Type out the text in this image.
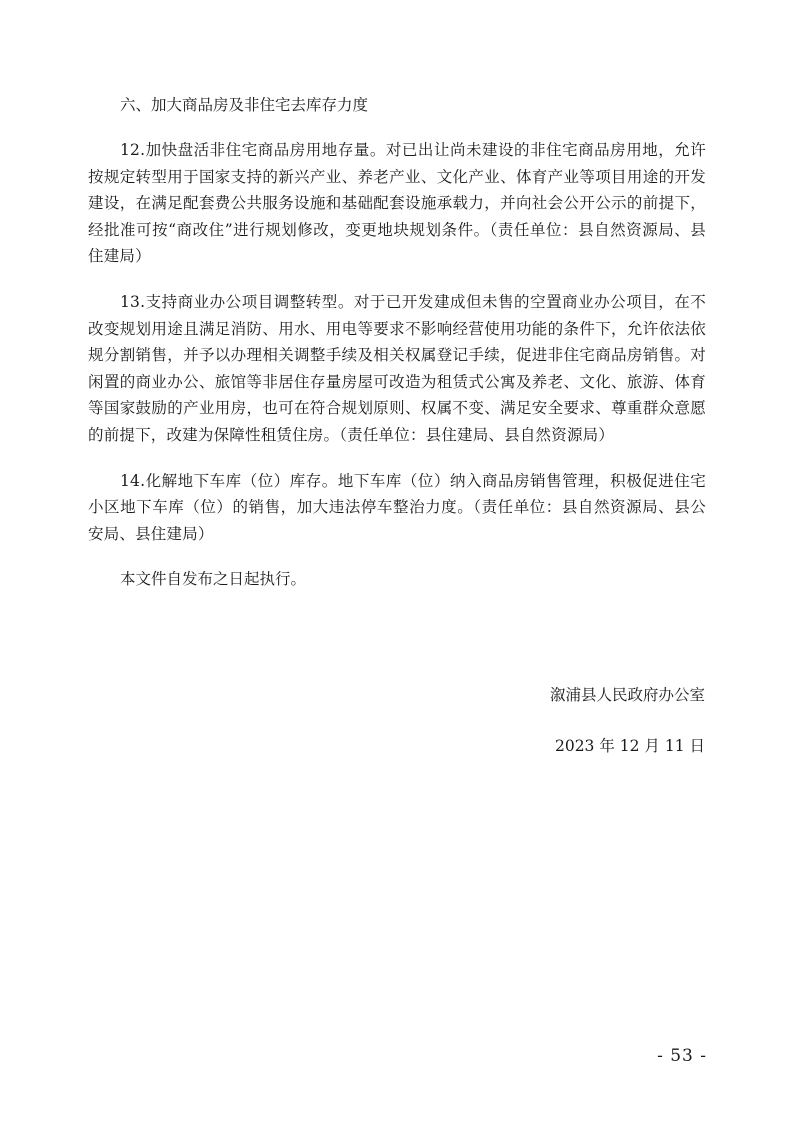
六、加大商品房及非住宅去库存力度

12.加快盘活非住宅商品房用地存量。对已出让尚未建设的非住宅商品房用地，允许按规定转型用于国家支持的新兴产业、养老产业、文化产业、体育产业等项目用途的开发建设，在满足配套费公共服务设施和基础配套设施承载力，并向社会公开公示的前提下，经批准可按“商改住”进行规划修改，变更地块规划条件。（责任单位：县自然资源局、县住建局）

13.支持商业办公项目调整转型。对于已开发建成但未售的空置商业办公项目，在不改变规划用途且满足消防、用水、用电等要求不影响经营使用功能的条件下，允许依法依规分割销售，并予以办理相关调整手续及相关权属登记手续，促进非住宅商品房销售。对闲置的商业办公、旅馆等非居住存量房屋可改造为租赁式公寓及养老、文化、旅游、体育等国家鼓励的产业用房，也可在符合规划原则、权属不变、满足安全要求、尊重群众意愿的前提下，改建为保障性租赁住房。（责任单位：县住建局、县自然资源局）

14.化解地下车库（位）库存。地下车库（位）纳入商品房销售管理，积极促进住宅小区地下车库（位）的销售，加大违法停车整治力度。（责任单位：县自然资源局、县公安局、县住建局）

本文件自发布之日起执行。

溆浦县人民政府办公室
2023 年 12 月 11 日
- 53 -
